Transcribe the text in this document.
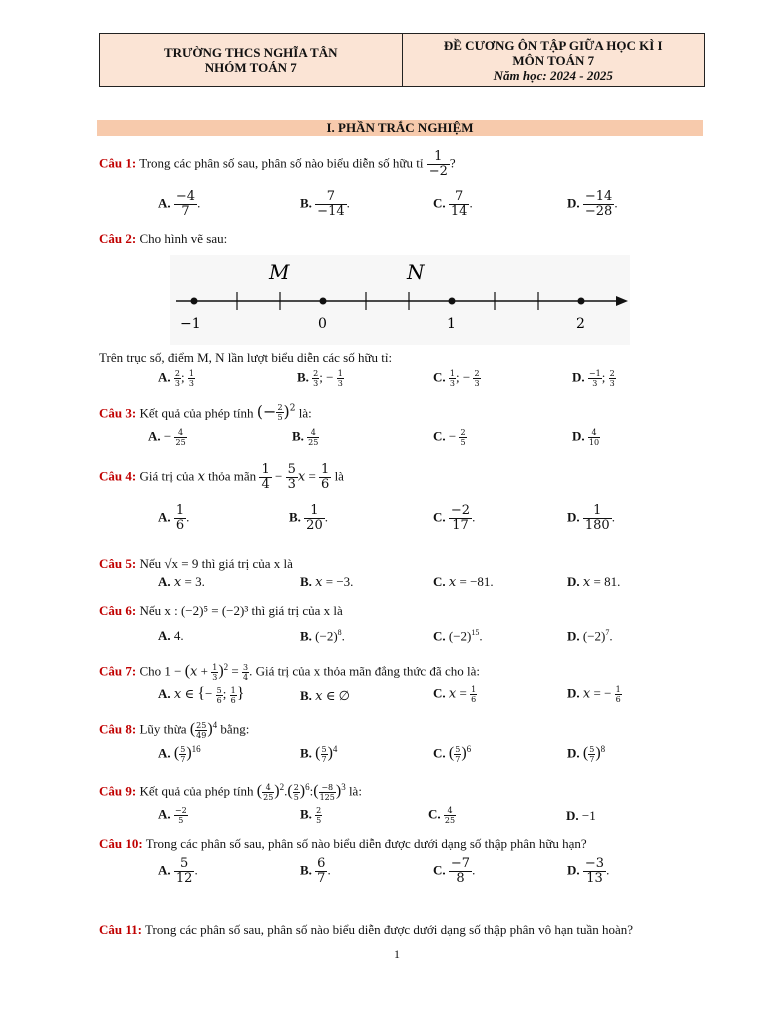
TRƯỜNG THCS NGHĨA TÂN
NHÓM TOÁN 7
ĐỀ CƯƠNG ÔN TẬP GIỮA HỌC KÌ I
MÔN TOÁN 7
Năm học: 2024 - 2025
I. PHẦN TRẮC NGHIỆM
Câu 1: Trong các phân số sau, phân số nào biểu diễn số hữu tỉ $\frac{1}{-2}$ ?
A. $\frac{-4}{7}$ .	B. $\frac{7}{-14}$ .	C. $\frac{7}{14}$ .	D. $\frac{-14}{-28}$ .
Câu 2: Cho hình vẽ sau:
M	N
−1	0	1	2
Trên trục số, điểm M, N lần lượt biểu diễn các số hữu tỉ:
A. $\frac{2}{3}$ ; $\frac{1}{3}$	B. $\frac{2}{3}$ ; − $\frac{1}{3}$	C. $\frac{1}{3}$ ; − $\frac{2}{3}$	D. $\frac{-1}{3}$ ; $\frac{2}{3}$
Câu 3: Kết quả của phép tính (− $\frac{2}{5} )^2$ là:
A. − $\frac{4}{25}$	B. $\frac{4}{25}$	C. − $\frac{2}{5}$	D. $\frac{4}{10}$
Câu 4: Giá trị của x thỏa mãn $\frac{1}{4} - \frac{5}{3}$ $x = \frac{1}{6}$ là
A. $\frac{1}{6}$ .	B. $\frac{1}{20}$ .	C. $\frac{-2}{17}$ .	D. $\frac{1}{180}$ .
Câu 5: Nếu √x = 9 thì giá trị của x là
A. x = 3.	B. x = −3.	C. x = −81.	D. x = 81.
Câu 6: Nếu x : (−2)⁵ = (−2)³ thì giá trị của x là
A. 4.	B. $(-2)^8$.	C. $(-2)^{15}$.	D. $(-2)^7$.
Câu 7: Cho $1 - (x + \frac{1}{3} )^2 = \frac{3}{4}$ . Giá trị của x thỏa mãn đẳng thức đã cho là:
A. x ∈ {− $\frac{5}{6}$ ; $\frac{1}{6}$ }	B. x ∈ ∅	C. $x = \frac{1}{6}$	D. x = − $\frac{1}{6}$
Câu 8: Lũy thừa ( $\frac{25}{49} )^4$ bằng:
A. ( $\frac{5}{7} )^{16}$	B. ( $\frac{5}{7} )^4$	C. ( $\frac{5}{7} )^6$	D. ( $\frac{5}{7} )^8$
Câu 9: Kết quả của phép tính ( $\frac{4}{25} )^2.( \frac{2}{5}$ )$^6:( \frac{-8}{125} )^3$ là:
A. $\frac{-2}{5}$	B. $\frac{2}{5}$	C. $\frac{4}{25}$	D. −1
Câu 10: Trong các phân số sau, phân số nào biểu diễn được dưới dạng số thập phân hữu hạn?
A. $\frac{5}{12}$ .	B. $\frac{6}{7}$ .	C. $\frac{-7}{8}$ .	D. $\frac{-3}{13}$ .
Câu 11: Trong các phân số sau, phân số nào biểu diễn được dưới dạng số thập phân vô hạn tuần hoàn?
1
